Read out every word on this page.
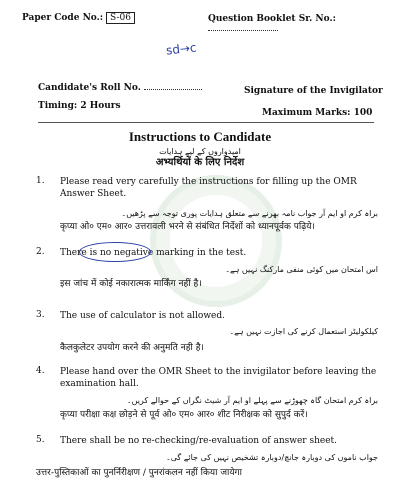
Paper Code No.: S-06	Question Booklet Sr. No.:
sd→c
Candidate's Roll No.	Signature of the Invigilator
Timing: 2 Hours
Maximum Marks: 100
Instructions to Candidate
امیدواروں کے لیے ہدایات
अभ्यर्थियों के लिए निर्देश
1. Please read very carefully the instructions for filling up the OMR Answer Sheet.
براہ کرم او ایم آر جواب نامہ بھرنے سے متعلق ہدایات پوری توجہ سے پڑھیں۔
कृप्या ओ० एम० आर० उत्तरावली भरने से संबंधित निर्देशों को ध्यानपूर्वक पढ़िये।
2. There is no negative marking in the test.
اس امتحان میں کوئی منفی مارکنگ نہیں ہے۔
इस जांच में कोई नकारात्मक मार्किंग नहीं है।
3. The use of calculator is not allowed.
کیلکولیٹر استعمال کرنے کی اجازت نہیں ہے۔
कैलकुलेटर उपयोग करने की अनुमति नही है।
4. Please hand over the OMR Sheet to the invigilator before leaving the examination hall.
براہ کرم امتحان گاہ چھوڑنے سے پہلے او ایم آر شیٹ نگراں کے حوالے کریں۔
कृप्या परीक्षा कक्ष छोड़ने से पूर्व ओ० एम० आर० शीट निरीक्षक को सुपुर्द करें।
5. There shall be no re-checking/re-evaluation of answer sheet.
جواب ناموں کی دوبارہ جانچ/دوبارہ تشخیص نہیں کی جائے گی۔
उत्तर-पुस्तिकाओं का पुनर्निरीक्षण / पुनरांकलन नहीं किया जायेगा
